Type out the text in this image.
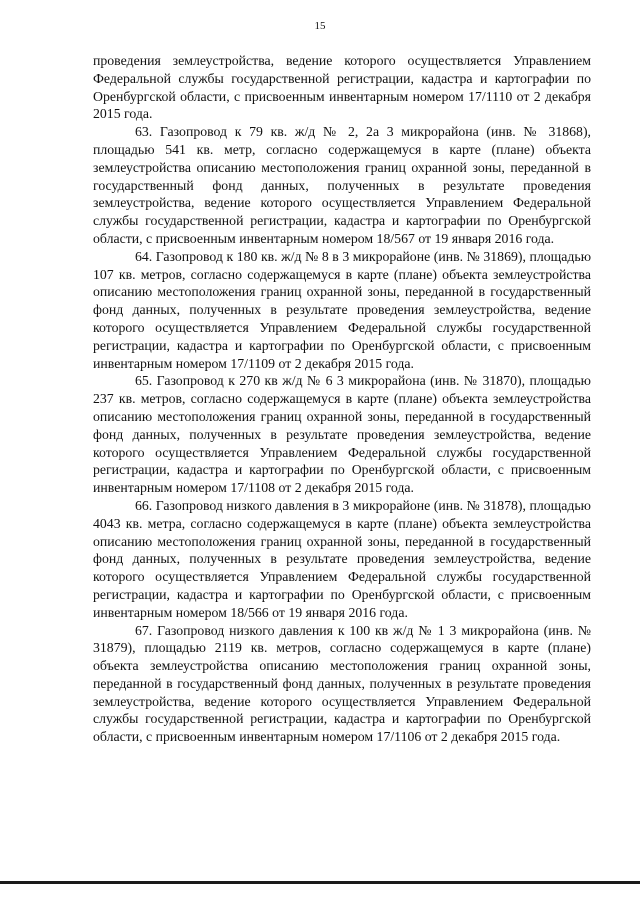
15

проведения землеустройства, ведение которого осуществляется Управлением Федеральной службы государственной регистрации, кадастра и картографии по Оренбургской области, с присвоенным инвентарным номером 17/1110 от 2 декабря 2015 года.

63. Газопровод к 79 кв. ж/д № 2, 2а 3 микрорайона (инв. № 31868), площадью 541 кв. метр, согласно содержащемуся в карте (плане) объекта землеустройства описанию местоположения границ охранной зоны, переданной в государственный фонд данных, полученных в результате проведения землеустройства, ведение которого осуществляется Управлением Федеральной службы государственной регистрации, кадастра и картографии по Оренбургской области, с присвоенным инвентарным номером 18/567 от 19 января 2016 года.

64. Газопровод к 180 кв. ж/д № 8 в 3 микрорайоне (инв. № 31869), площадью 107 кв. метров, согласно содержащемуся в карте (плане) объекта землеустройства описанию местоположения границ охранной зоны, переданной в государственный фонд данных, полученных в результате проведения землеустройства, ведение которого осуществляется Управлением Федеральной службы государственной регистрации, кадастра и картографии по Оренбургской области, с присвоенным инвентарным номером 17/1109 от 2 декабря 2015 года.

65. Газопровод к 270 кв ж/д № 6 3 микрорайона (инв. № 31870), площадью 237 кв. метров, согласно содержащемуся в карте (плане) объекта землеустройства описанию местоположения границ охранной зоны, переданной в государственный фонд данных, полученных в результате проведения землеустройства, ведение которого осуществляется Управлением Федеральной службы государственной регистрации, кадастра и картографии по Оренбургской области, с присвоенным инвентарным номером 17/1108 от 2 декабря 2015 года.

66. Газопровод низкого давления в 3 микрорайоне (инв. № 31878), площадью 4043 кв. метра, согласно содержащемуся в карте (плане) объекта землеустройства описанию местоположения границ охранной зоны, переданной в государственный фонд данных, полученных в результате проведения землеустройства, ведение которого осуществляется Управлением Федеральной службы государственной регистрации, кадастра и картографии по Оренбургской области, с присвоенным инвентарным номером 18/566 от 19 января 2016 года.

67. Газопровод низкого давления к 100 кв ж/д № 1 3 микрорайона (инв. № 31879), площадью 2119 кв. метров, согласно содержащемуся в карте (плане) объекта землеустройства описанию местоположения границ охранной зоны, переданной в государственный фонд данных, полученных в результате проведения землеустройства, ведение которого осуществляется Управлением Федеральной службы государственной регистрации, кадастра и картографии по Оренбургской области, с присвоенным инвентарным номером 17/1106 от 2 декабря 2015 года.
